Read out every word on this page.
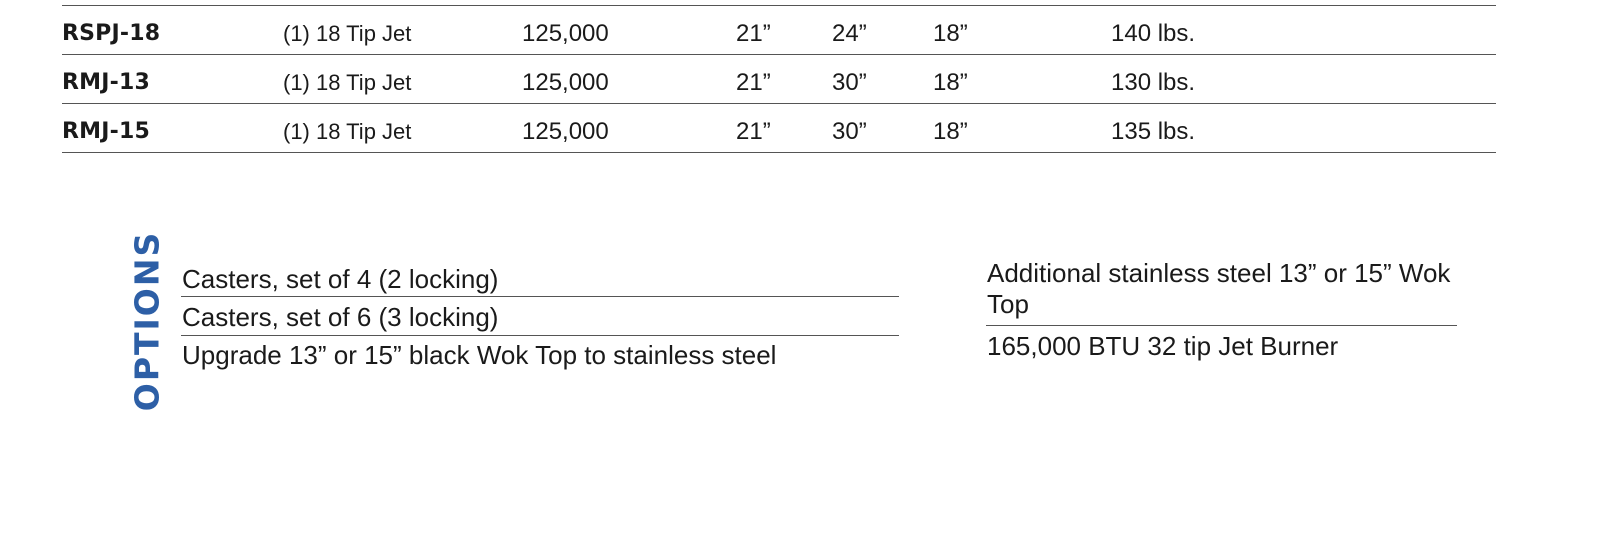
RSPJ-18	(1) 18 Tip Jet	125,000	21”	24”	18”	140 lbs.
RMJ-13	(1) 18 Tip Jet	125,000	21”	30”	18”	130 lbs.
RMJ-15	(1) 18 Tip Jet	125,000	21”	30”	18”	135 lbs.
OPTIONS Casters, set of 4 (2 locking)
Casters, set of 6 (3 locking)
Upgrade 13” or 15” black Wok Top to stainless steel
Additional stainless steel 13” or 15” Wok Top
165,000 BTU 32 tip Jet Burner
